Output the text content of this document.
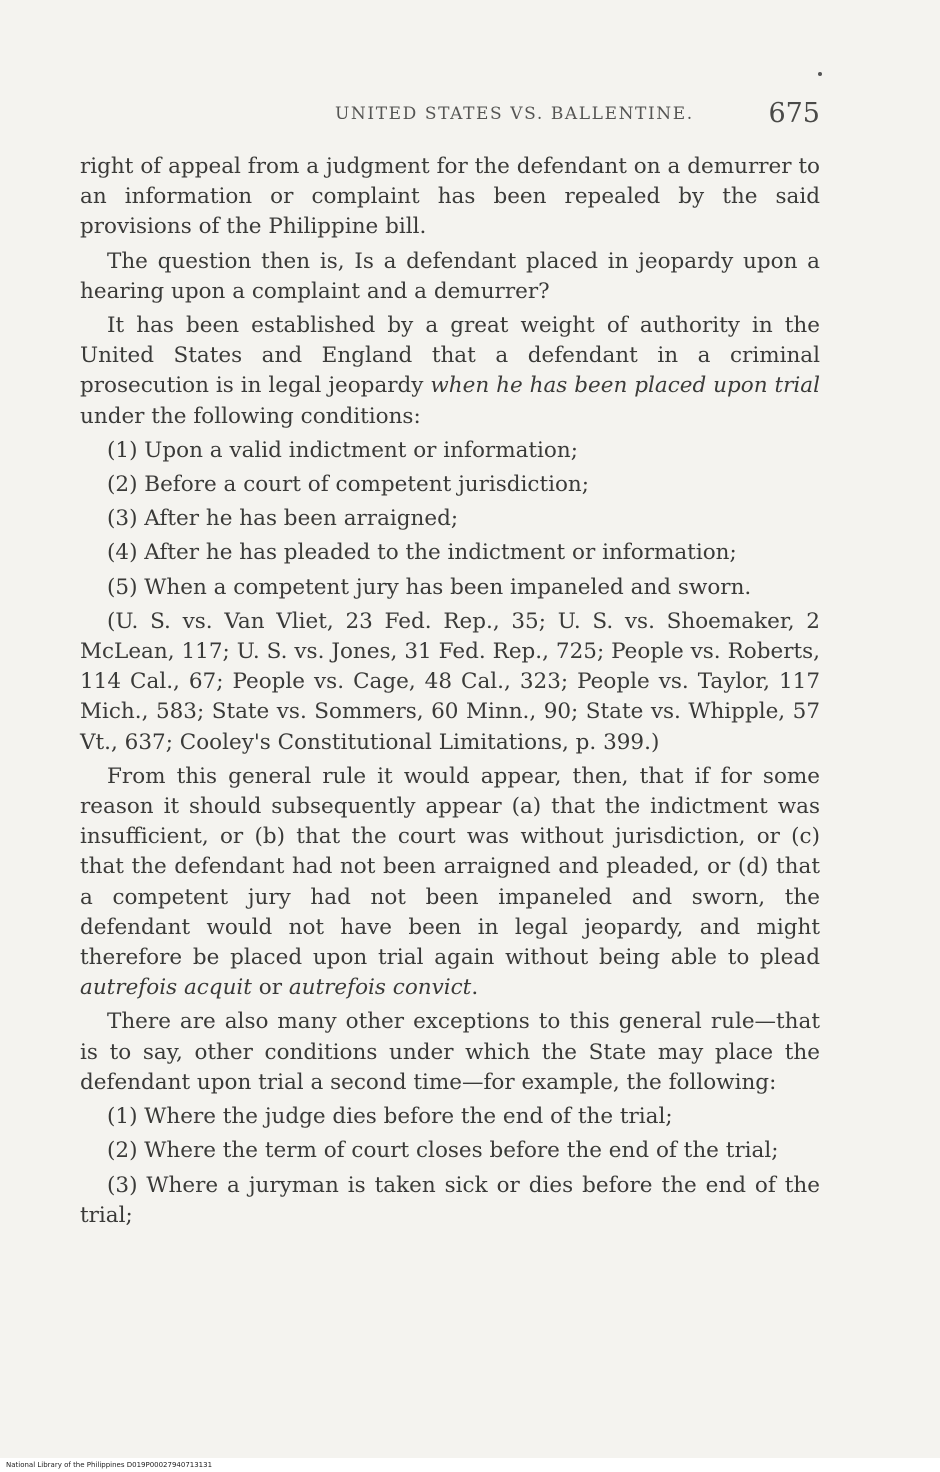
UNITED STATES VS. BALLENTINE.	675

right of appeal from a judgment for the defendant on a demurrer to an information or complaint has been repealed by the said provisions of the Philippine bill.

The question then is, Is a defendant placed in jeopardy upon a hearing upon a complaint and a demurrer?

It has been established by a great weight of authority in the United States and England that a defendant in a criminal prosecution is in legal jeopardy when he has been placed upon trial under the following conditions:

(1) Upon a valid indictment or information;

(2) Before a court of competent jurisdiction;

(3) After he has been arraigned;

(4) After he has pleaded to the indictment or information;

(5) When a competent jury has been impaneled and sworn.

(U. S. vs. Van Vliet, 23 Fed. Rep., 35; U. S. vs. Shoemaker, 2 McLean, 117; U. S. vs. Jones, 31 Fed. Rep., 725; People vs. Roberts, 114 Cal., 67; People vs. Cage, 48 Cal., 323; People vs. Taylor, 117 Mich., 583; State vs. Sommers, 60 Minn., 90; State vs. Whipple, 57 Vt., 637; Cooley's Constitutional Limitations, p. 399.)

From this general rule it would appear, then, that if for some reason it should subsequently appear (a) that the indictment was insufficient, or (b) that the court was without jurisdiction, or (c) that the defendant had not been arraigned and pleaded, or (d) that a competent jury had not been impaneled and sworn, the defendant would not have been in legal jeopardy, and might therefore be placed upon trial again without being able to plead autrefois acquit or autrefois convict.

There are also many other exceptions to this general rule—that is to say, other conditions under which the State may place the defendant upon trial a second time—for example, the following:

(1) Where the judge dies before the end of the trial;

(2) Where the term of court closes before the end of the trial;

(3) Where a juryman is taken sick or dies before the end of the trial;

National Library of the Philippines D019P00027940713131
